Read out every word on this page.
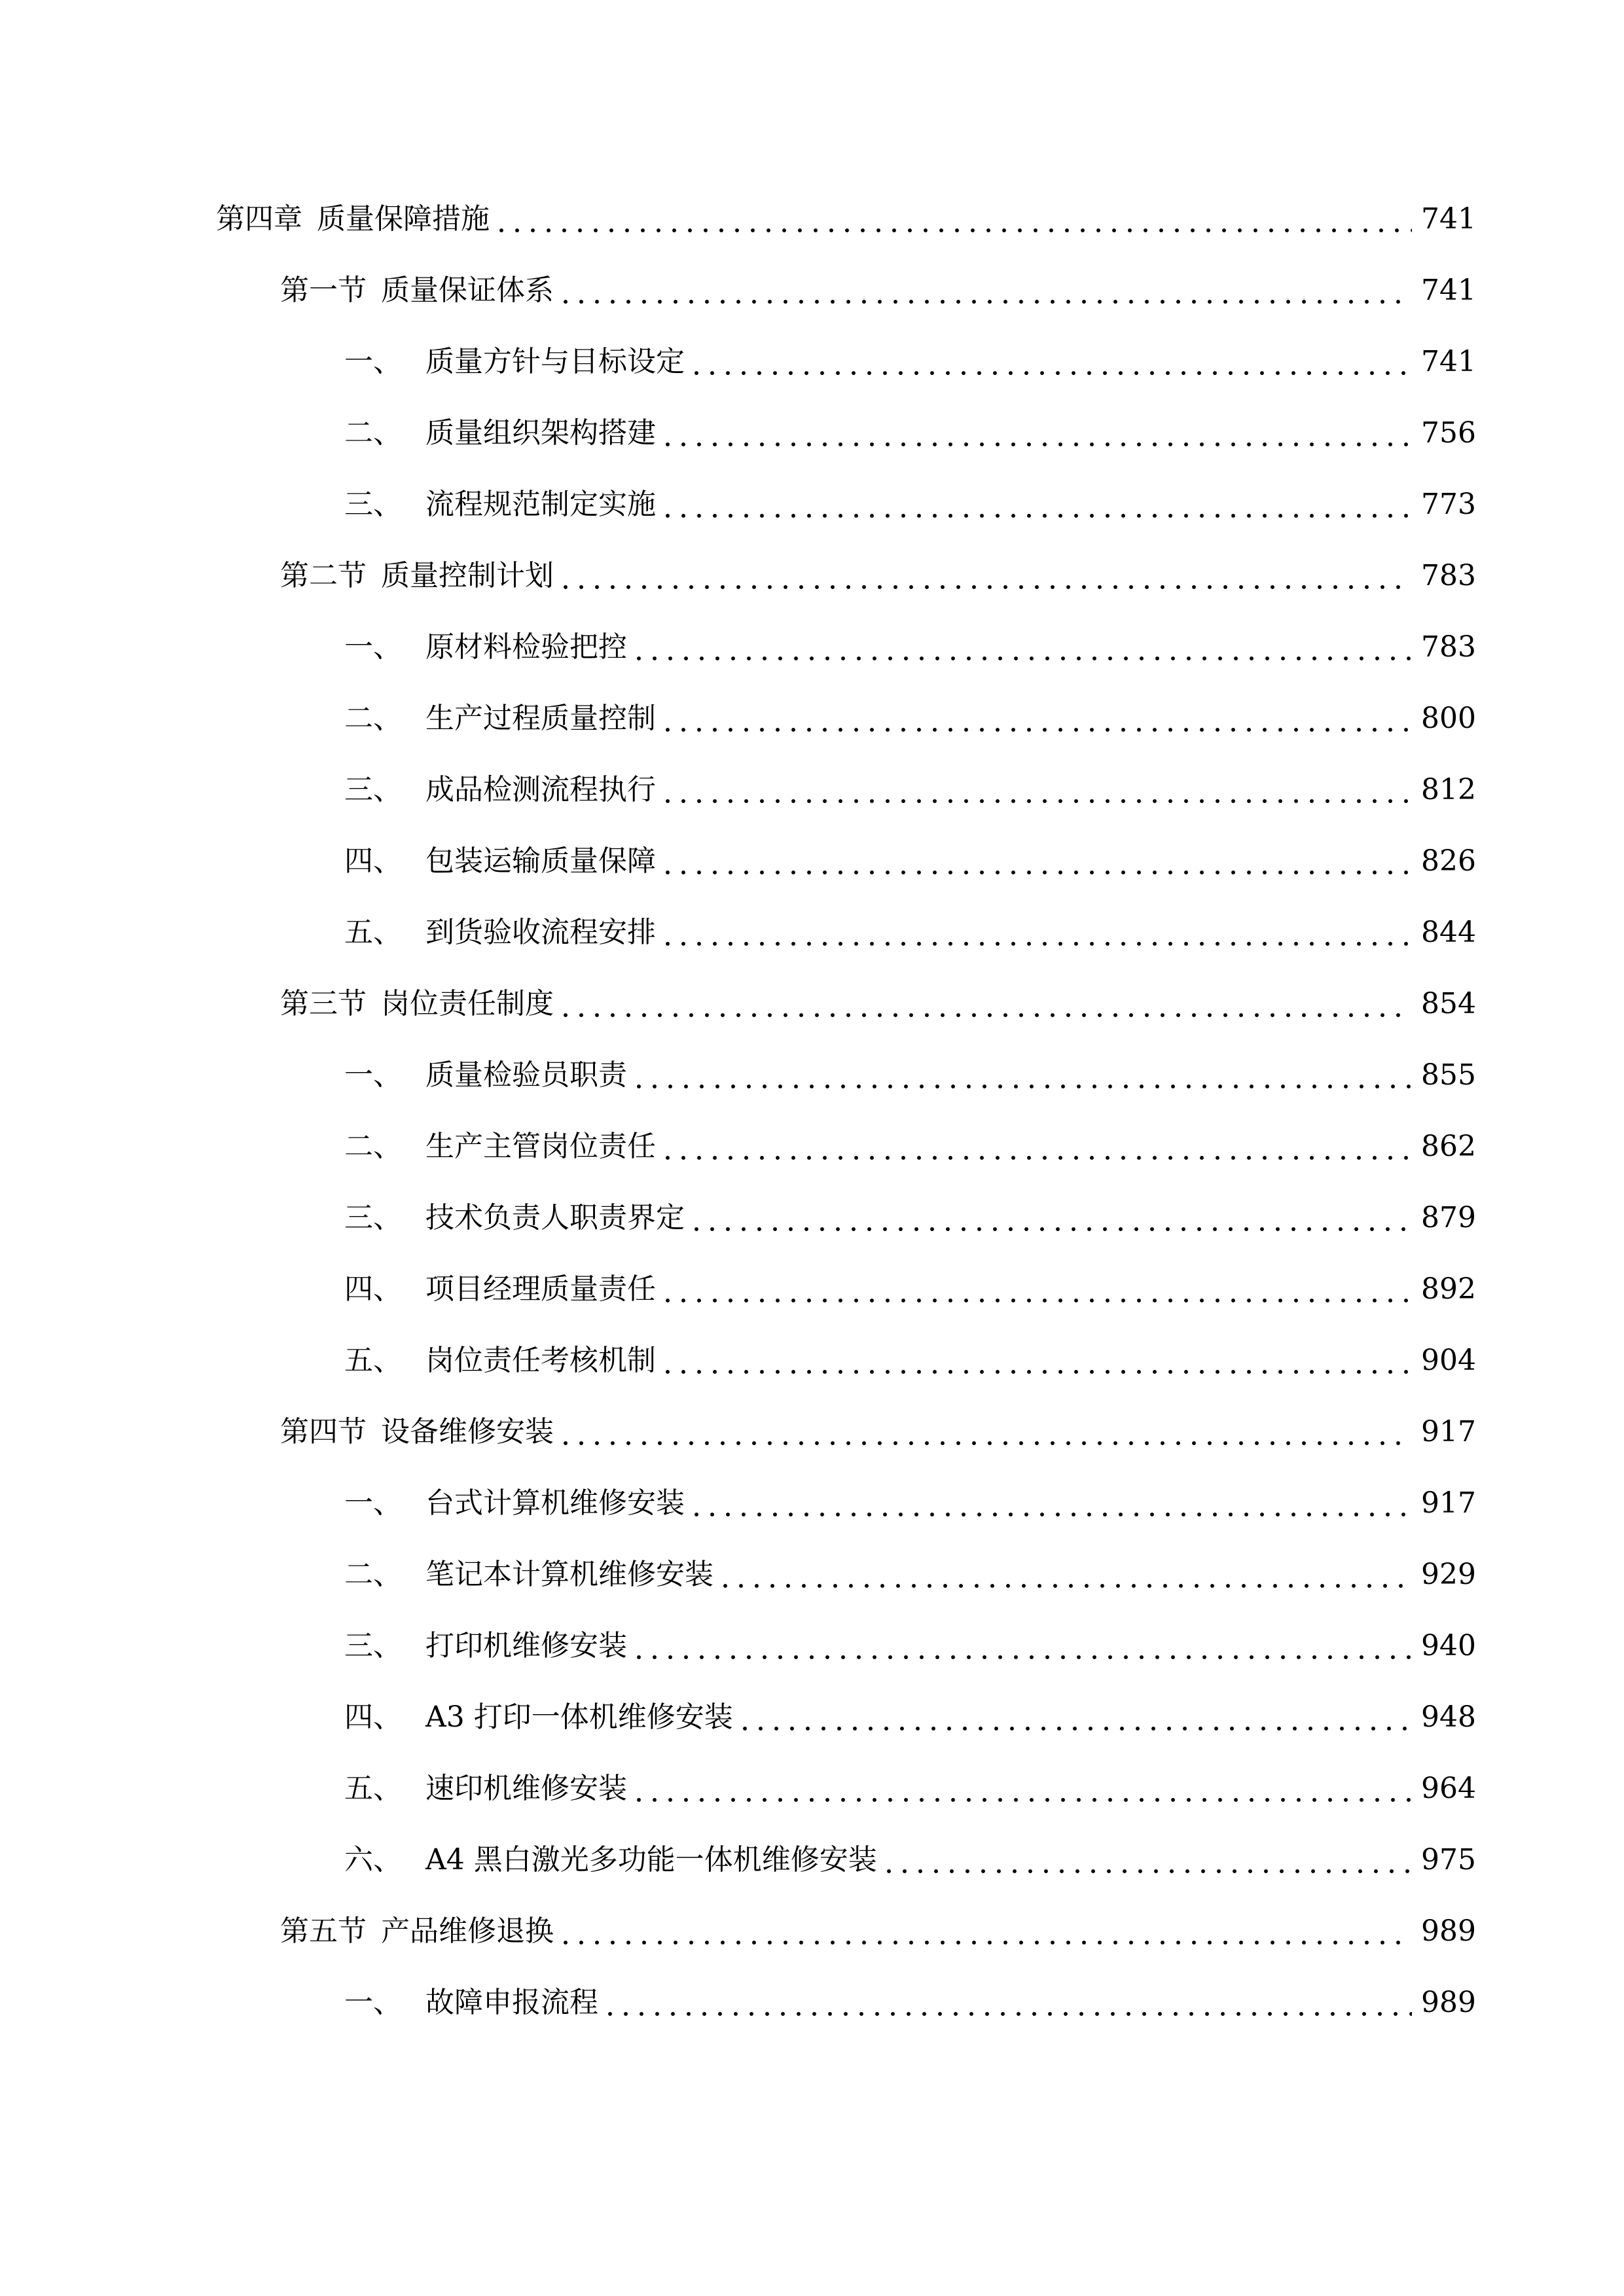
第四章 质量保障措施	741
第一节 质量保证体系	741
一、 质量方针与目标设定	741
二、 质量组织架构搭建	756
三、 流程规范制定实施	773
第二节 质量控制计划	783
一、 原材料检验把控	783
二、 生产过程质量控制	800
三、 成品检测流程执行	812
四、 包装运输质量保障	826
五、 到货验收流程安排	844
第三节 岗位责任制度	854
一、 质量检验员职责	855
二、 生产主管岗位责任	862
三、 技术负责人职责界定	879
四、 项目经理质量责任	892
五、 岗位责任考核机制	904
第四节 设备维修安装	917
一、 台式计算机维修安装	917
二、 笔记本计算机维修安装	929
三、 打印机维修安装	940
四、 A3 打印一体机维修安装	948
五、 速印机维修安装	964
六、 A4 黑白激光多功能一体机维修安装	975
第五节 产品维修退换	989
一、 故障申报流程	989
